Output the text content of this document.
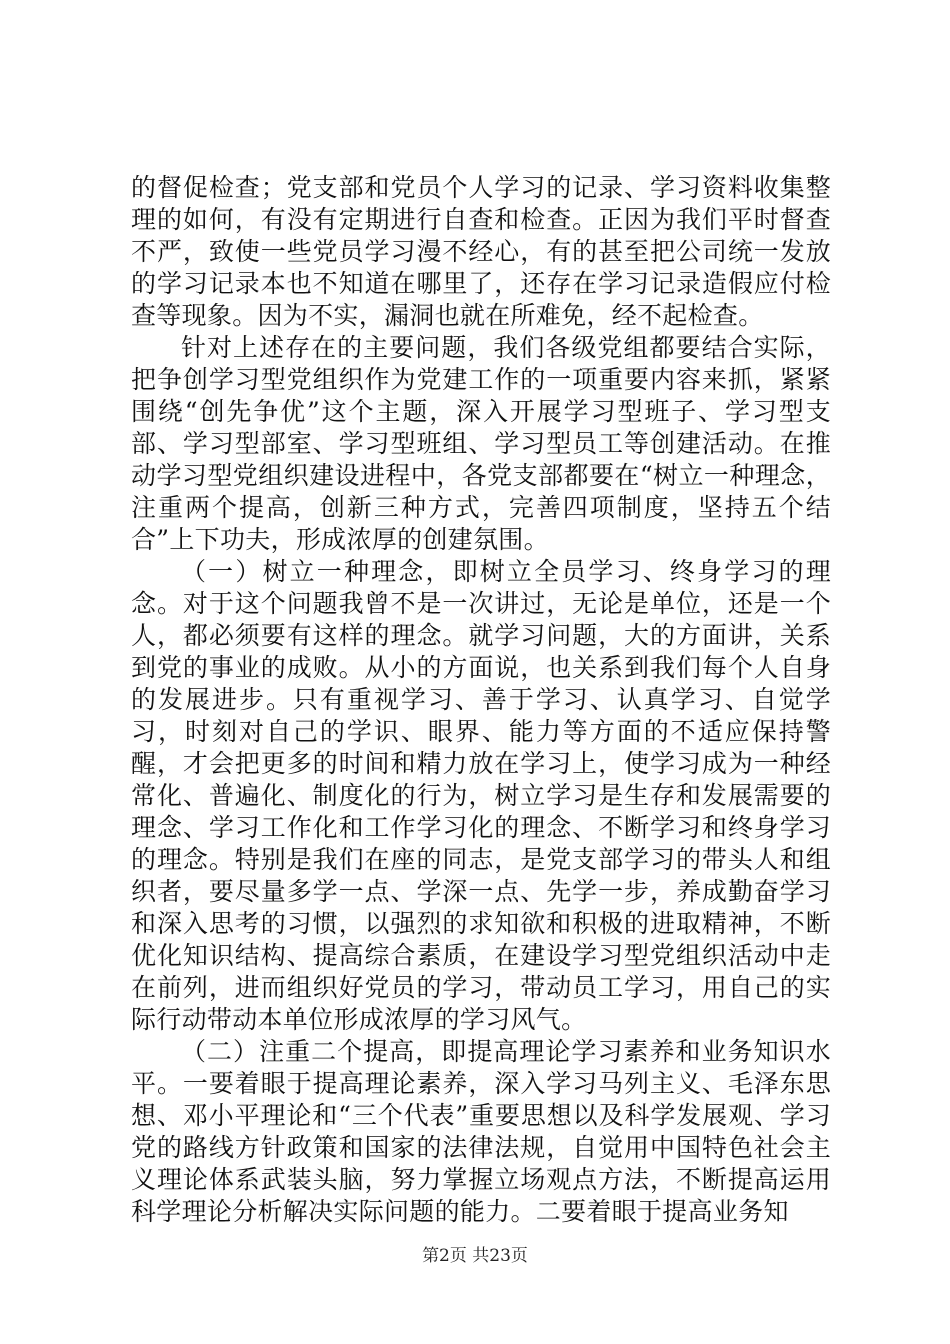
的督促检查；党支部和党员个人学习的记录、学习资料收集整理的如何，有没有定期进行自查和检查。正因为我们平时督查不严，致使一些党员学习漫不经心，有的甚至把公司统一发放的学习记录本也不知道在哪里了，还存在学习记录造假应付检查等现象。因为不实，漏洞也就在所难免，经不起检查。

针对上述存在的主要问题，我们各级党组都要结合实际，把争创学习型党组织作为党建工作的一项重要内容来抓，紧紧围绕“创先争优”这个主题，深入开展学习型班子、学习型支部、学习型部室、学习型班组、学习型员工等创建活动。在推动学习型党组织建设进程中，各党支部都要在“树立一种理念，注重两个提高，创新三种方式，完善四项制度，坚持五个结合”上下功夫，形成浓厚的创建氛围。

（一）树立一种理念，即树立全员学习、终身学习的理念。对于这个问题我曾不是一次讲过，无论是单位，还是一个人，都必须要有这样的理念。就学习问题，大的方面讲，关系到党的事业的成败。从小的方面说，也关系到我们每个人自身的发展进步。只有重视学习、善于学习、认真学习、自觉学习，时刻对自己的学识、眼界、能力等方面的不适应保持警醒，才会把更多的时间和精力放在学习上，使学习成为一种经常化、普遍化、制度化的行为，树立学习是生存和发展需要的理念、学习工作化和工作学习化的理念、不断学习和终身学习的理念。特别是我们在座的同志，是党支部学习的带头人和组织者，要尽量多学一点、学深一点、先学一步，养成勤奋学习和深入思考的习惯，以强烈的求知欲和积极的进取精神，不断优化知识结构、提高综合素质，在建设学习型党组织活动中走在前列，进而组织好党员的学习，带动员工学习，用自己的实际行动带动本单位形成浓厚的学习风气。

（二）注重二个提高，即提高理论学习素养和业务知识水平。一要着眼于提高理论素养，深入学习马列主义、毛泽东思想、邓小平理论和“三个代表”重要思想以及科学发展观、学习党的路线方针政策和国家的法律法规，自觉用中国特色社会主义理论体系武装头脑，努力掌握立场观点方法，不断提高运用科学理论分析解决实际问题的能力。二要着眼于提高业务知

第2页 共23页
